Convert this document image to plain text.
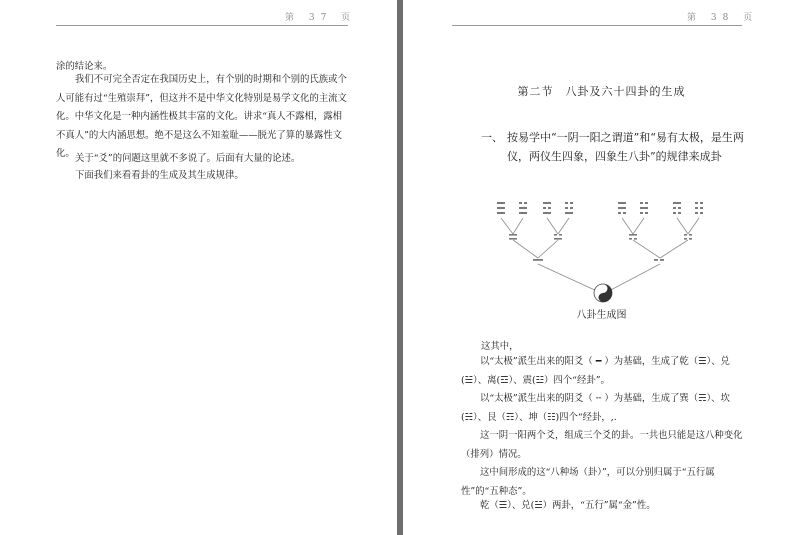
第 37 页

涂的结论来。

我们不可完全否定在我国历史上，有个别的时期和个别的氏族或个人可能有过“生殖崇拜”，但这并不是中华文化特别是易学文化的主流文化。中华文化是一种内涵性极其丰富的文化。讲求“真人不露相，露相不真人”的大内涵思想。绝不是这么不知羞耻——脱光了算的暴露性文化。 关于“爻”的问题这里就不多说了。后面有大量的论述。

下面我们来看看卦的生成及其生成规律。

第 38 页
第二节　八卦及六十四卦的生成
一、 按易学中“一阴一阳之谓道”和“易有太极，是生两仪，两仪生四象，四象生八卦”的规律来成卦
八卦生成图

这其中，

以“太极”派生出来的阳爻（ ━ ）为基础，生成了乾（☰）、兑(☱）、离(☲）、震(☳）四个“经卦”。

以“太极”派生出来的阴爻（ ╌ ）为基础，生成了巽（☴）、坎(☵）、艮（☶）、坤（☷)四个“经卦，,.

这一阴一阳两个爻，组成三个爻的卦。一共也只能是这八种变化（排列）情况。

这中间形成的这“八种场（卦）”，可以分别归属于“五行属性”的“五种态”。

乾（☰）、兑(☱）两卦，“五行”属“金”性。
